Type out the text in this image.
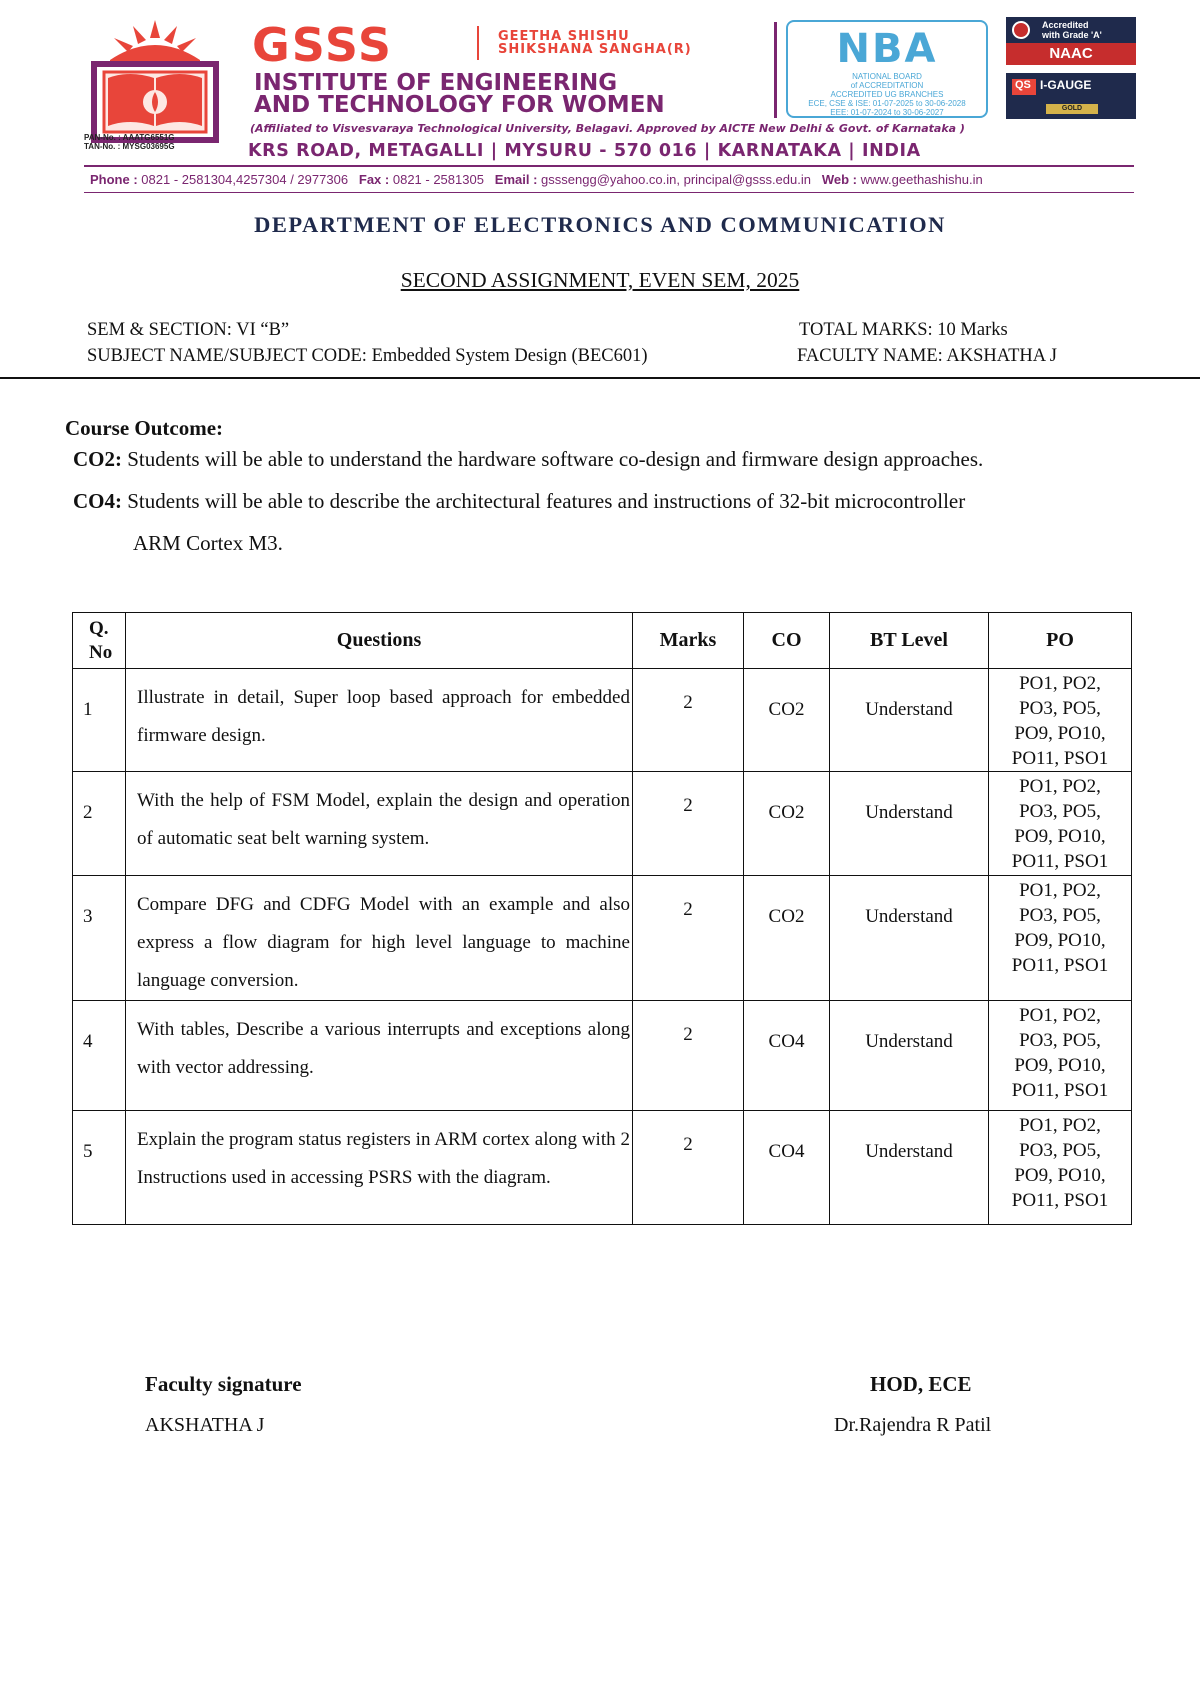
PAN-No. : AAATG6551G
TAN-No. : MYSG03695G
GSSS	GEETHA SHISHU
SHIKSHANA SANGHA(R)
INSTITUTE OF ENGINEERING
AND TECHNOLOGY FOR WOMEN
(Affiliated to Visvesvaraya Technological University, Belagavi. Approved by AICTE New Delhi & Govt. of Karnataka )
KRS ROAD, METAGALLI | MYSURU - 570 016 | KARNATAKA | INDIA
NBA
NATIONAL BOARD
of ACCREDITATION
ACCREDITED UG BRANCHES
ECE, CSE & ISE: 01-07-2025 to 30-06-2028
EEE: 01-07-2024 to 30-06-2027
Accredited
with Grade 'A'
NAAC
QS I-GAUGE
GOLD
Phone : 0821 - 2581304,4257304 / 2977306 Fax : 0821 - 2581305 Email : gsssengg@yahoo.co.in, principal@gsss.edu.in Web : www.geethashishu.in
DEPARTMENT OF ELECTRONICS AND COMMUNICATION
SECOND ASSIGNMENT, EVEN SEM, 2025
SEM & SECTION: VI “B”
SUBJECT NAME/SUBJECT CODE: Embedded System Design (BEC601)
TOTAL MARKS: 10 Marks
FACULTY NAME: AKSHATHA J
Course Outcome:
CO2: Students will be able to understand the hardware software co-design and firmware design approaches.
CO4: Students will be able to describe the architectural features and instructions of 32-bit microcontroller
ARM Cortex M3.
Q.
No	Questions	Marks	CO	BT Level	PO
1	Illustrate in detail, Super loop based approach for embedded firmware design.	2	CO2	Understand	PO1, PO2,
PO3, PO5,
PO9, PO10,
PO11, PSO1

2	With the help of FSM Model, explain the design and operation of automatic seat belt warning system.	2	CO2	Understand	PO1, PO2,
PO3, PO5,
PO9, PO10,
PO11, PSO1

3	Compare DFG and CDFG Model with an example and also express a flow diagram for high level language to machine language conversion.	2	CO2	Understand	PO1, PO2,
PO3, PO5,
PO9, PO10,
PO11, PSO1

4	With tables, Describe a various interrupts and exceptions along with vector addressing.	2	CO4	Understand	PO1, PO2,
PO3, PO5,
PO9, PO10,
PO11, PSO1

5	Explain the program status registers in ARM cortex along with 2 Instructions used in accessing PSRS with the diagram.	2	CO4	Understand	PO1, PO2,
PO3, PO5,
PO9, PO10,
PO11, PSO1
Faculty signature
AKSHATHA J
HOD, ECE
Dr.Rajendra R Patil
